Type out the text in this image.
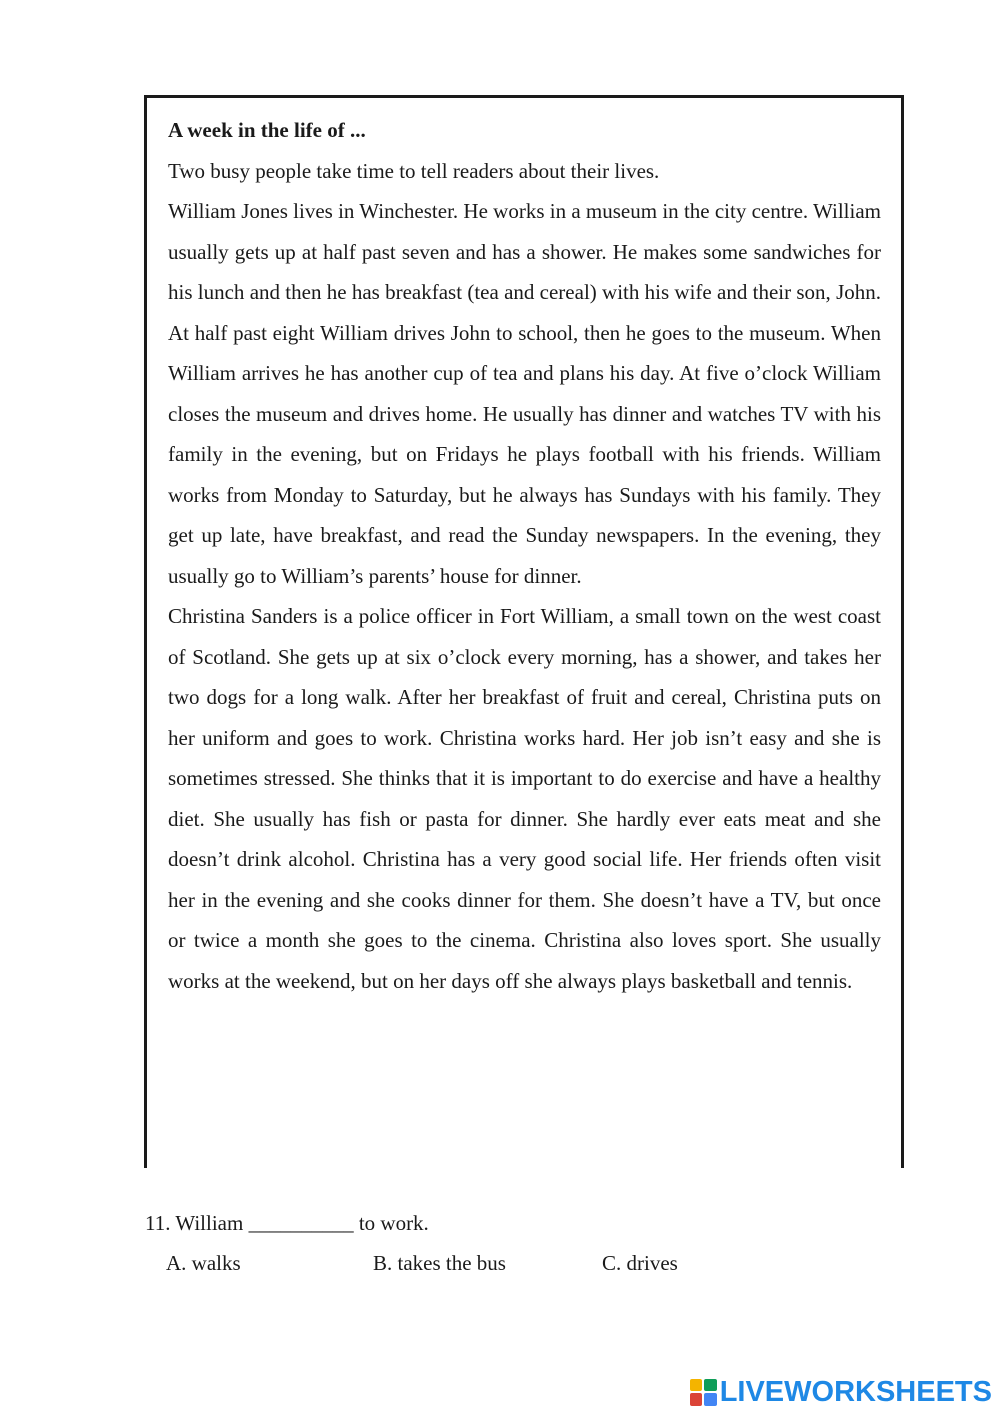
A week in the life of ...

Two busy people take time to tell readers about their lives.

William Jones lives in Winchester. He works in a museum in the city centre. William usually gets up at half past seven and has a shower. He makes some sandwiches for his lunch and then he has breakfast (tea and cereal) with his wife and their son, John. At half past eight William drives John to school, then he goes to the museum. When William arrives he has another cup of tea and plans his day. At five o’clock William closes the museum and drives home. He usually has dinner and watches TV with his family in the evening, but on Fridays he plays football with his friends. William works from Monday to Saturday, but he always has Sundays with his family. They get up late, have breakfast, and read the Sunday newspapers. In the evening, they usually go to William’s parents’ house for dinner.

Christina Sanders is a police officer in Fort William, a small town on the west coast of Scotland. She gets up at six o’clock every morning, has a shower, and takes her two dogs for a long walk. After her breakfast of fruit and cereal, Christina puts on her uniform and goes to work. Christina works hard. Her job isn’t easy and she is sometimes stressed. She thinks that it is important to do exercise and have a healthy diet. She usually has fish or pasta for dinner. She hardly ever eats meat and she doesn’t drink alcohol. Christina has a very good social life. Her friends often visit her in the evening and she cooks dinner for them. She doesn’t have a TV, but once or twice a month she goes to the cinema. Christina also loves sport. She usually works at the weekend, but on her days off she always plays basketball and tennis.

11. William __________ to work.
A. walks	B. takes the bus	C. drives
LIVEWORKSHEETS
